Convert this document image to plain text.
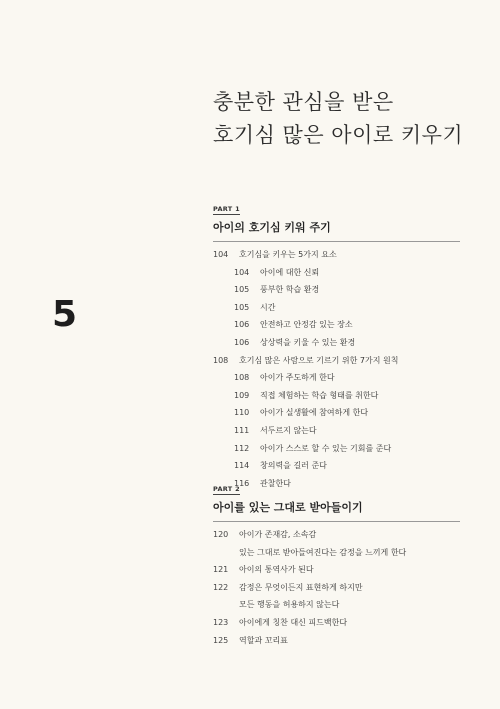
충분한 관심을 받은
호기심 많은 아이로 키우기
5
PART 1
아이의 호기심 키워 주기
104	호기심을 키우는 5가지 요소
104	아이에 대한 신뢰
105	풍부한 학습 환경
105	시간
106	안전하고 안정감 있는 장소
106	상상력을 키울 수 있는 환경
108	호기심 많은 사람으로 기르기 위한 7가지 원칙
108	아이가 주도하게 한다
109	직접 체험하는 학습 형태를 취한다
110	아이가 실생활에 참여하게 한다
111	서두르지 않는다
112	아이가 스스로 할 수 있는 기회를 준다
114	창의력을 길러 준다
116	관찰한다
PART 2
아이를 있는 그대로 받아들이기
120	아이가 존재감, 소속감
있는 그대로 받아들여진다는 감정을 느끼게 한다
121	아이의 통역사가 된다
122	감정은 무엇이든지 표현하게 하지만
모든 행동을 허용하지 않는다
123	아이에게 칭찬 대신 피드백한다
125	역할과 꼬리표
